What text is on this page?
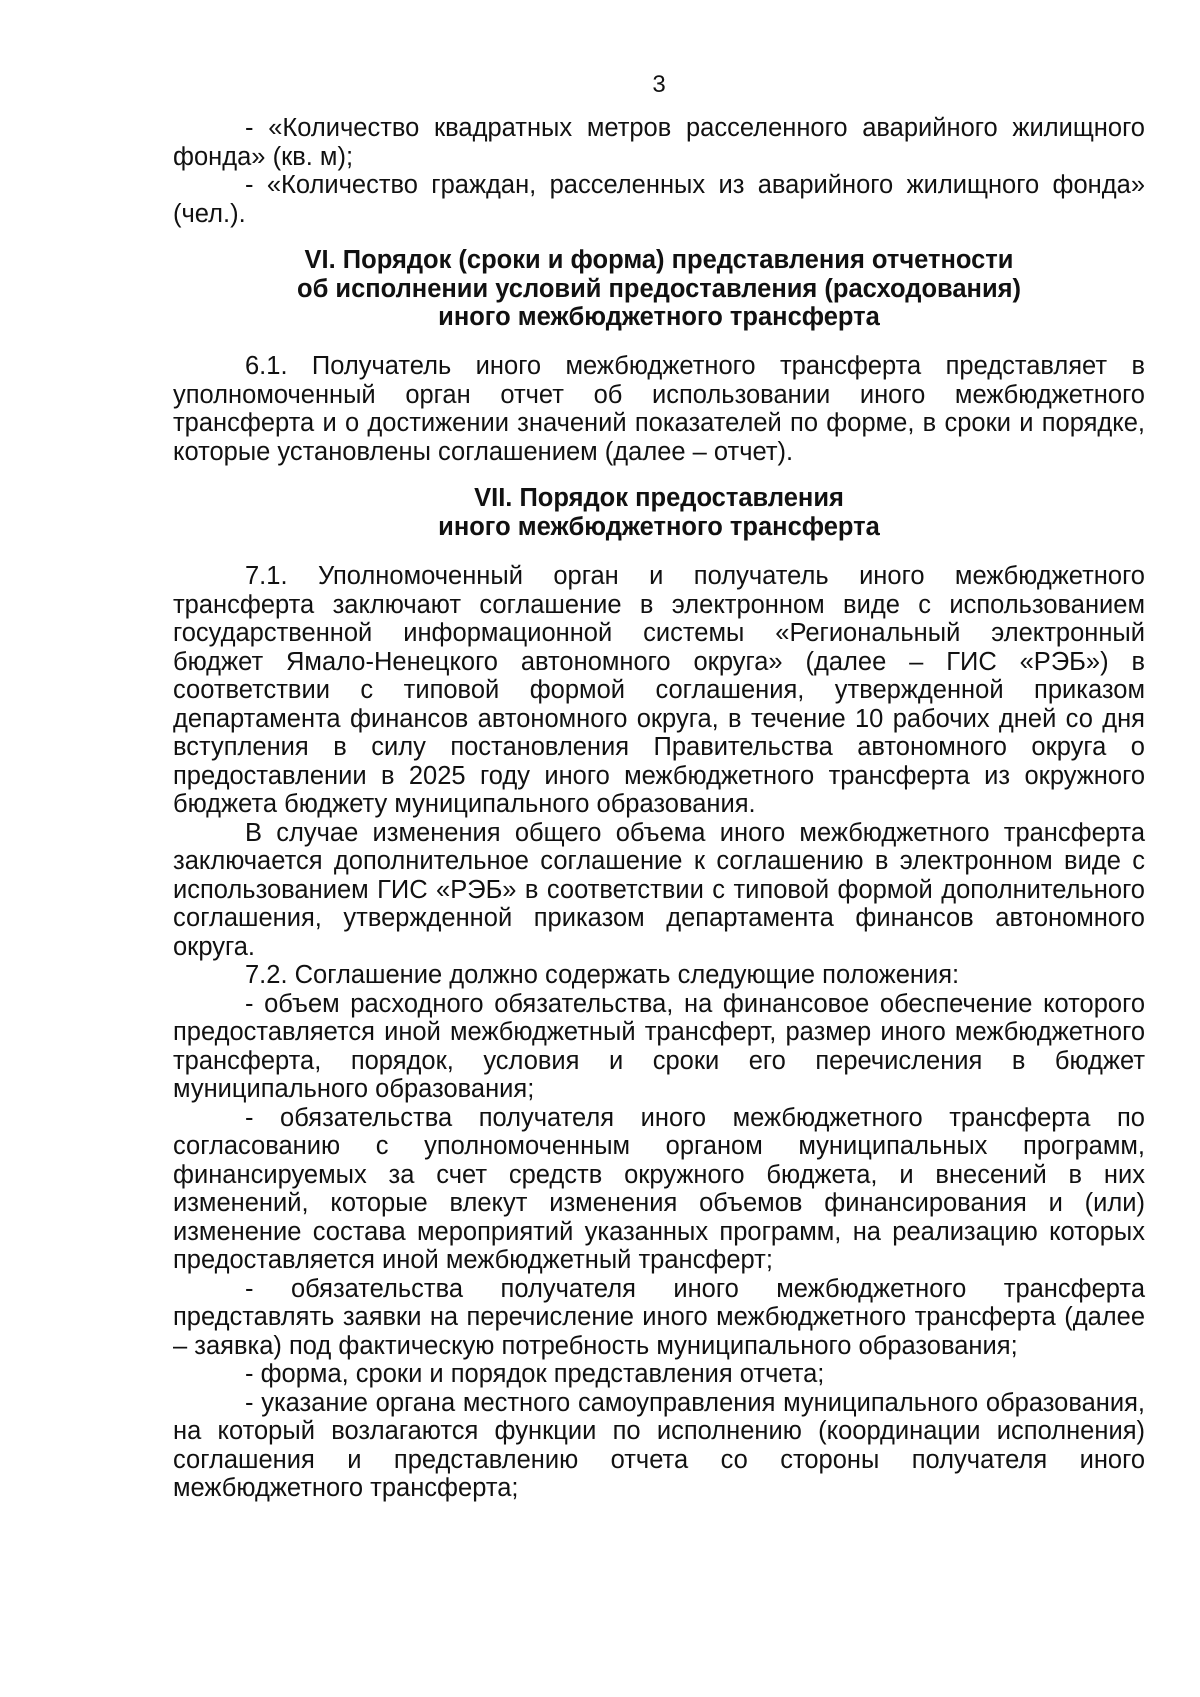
3

- «Количество квадратных метров расселенного аварийного жилищного фонда» (кв. м);

- «Количество граждан, расселенных из аварийного жилищного фонда» (чел.).

VI. Порядок (сроки и форма) представления отчетности
об исполнении условий предоставления (расходования)
иного межбюджетного трансферта

6.1. Получатель иного межбюджетного трансферта представляет в уполномоченный орган отчет об использовании иного межбюджетного трансферта и о достижении значений показателей по форме, в сроки и порядке, которые установлены соглашением (далее – отчет).

VII. Порядок предоставления
иного межбюджетного трансферта

7.1. Уполномоченный орган и получатель иного межбюджетного трансферта заключают соглашение в электронном виде с использованием государственной информационной системы «Региональный электронный бюджет Ямало-Ненецкого автономного округа» (далее – ГИС «РЭБ») в соответствии с типовой формой соглашения, утвержденной приказом департамента финансов автономного округа, в течение 10 рабочих дней со дня вступления в силу постановления Правительства автономного округа о предоставлении в 2025 году иного межбюджетного трансферта из окружного бюджета бюджету муниципального образования.

В случае изменения общего объема иного межбюджетного трансферта заключается дополнительное соглашение к соглашению в электронном виде с использованием ГИС «РЭБ» в соответствии с типовой формой дополнительного соглашения, утвержденной приказом департамента финансов автономного округа.

7.2. Соглашение должно содержать следующие положения:

- объем расходного обязательства, на финансовое обеспечение которого предоставляется иной межбюджетный трансферт, размер иного межбюджетного трансферта, порядок, условия и сроки его перечисления в бюджет муниципального образования;

- обязательства получателя иного межбюджетного трансферта по согласованию с уполномоченным органом муниципальных программ, финансируемых за счет средств окружного бюджета, и внесений в них изменений, которые влекут изменения объемов финансирования и (или) изменение состава мероприятий указанных программ, на реализацию которых предоставляется иной межбюджетный трансферт;

- обязательства получателя иного межбюджетного трансферта представлять заявки на перечисление иного межбюджетного трансферта (далее – заявка) под фактическую потребность муниципального образования;

- форма, сроки и порядок представления отчета;

- указание органа местного самоуправления муниципального образования, на который возлагаются функции по исполнению (координации исполнения) соглашения и представлению отчета со стороны получателя иного межбюджетного трансферта;
